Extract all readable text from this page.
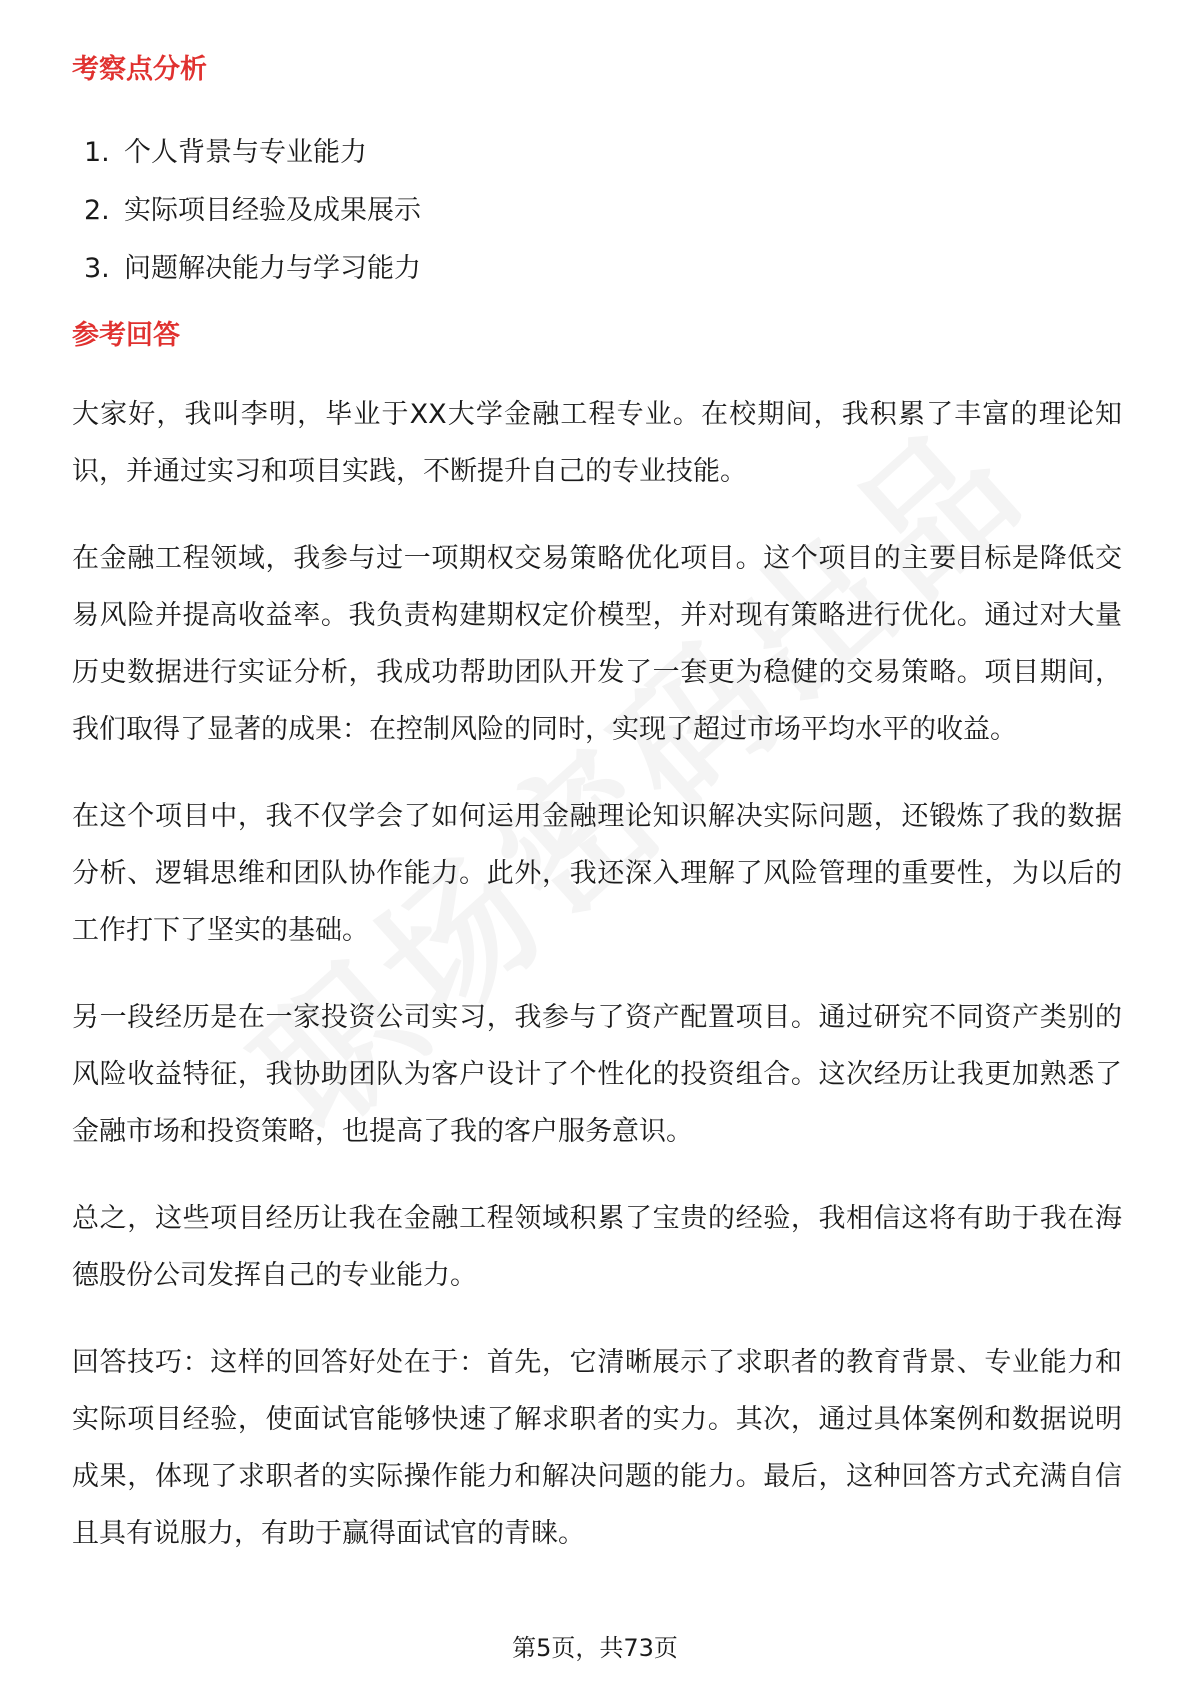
考察点分析
1. 个人背景与专业能力
2. 实际项目经验及成果展示
3. 问题解决能力与学习能力
参考回答

大家好，我叫李明，毕业于XX大学金融工程专业。在校期间，我积累了丰富的理论知识，并通过实习和项目实践，不断提升自己的专业技能。

在金融工程领域，我参与过一项期权交易策略优化项目。这个项目的主要目标是降低交易风险并提高收益率。我负责构建期权定价模型，并对现有策略进行优化。通过对大量历史数据进行实证分析，我成功帮助团队开发了一套更为稳健的交易策略。项目期间，我们取得了显著的成果：在控制风险的同时，实现了超过市场平均水平的收益。

在这个项目中，我不仅学会了如何运用金融理论知识解决实际问题，还锻炼了我的数据分析、逻辑思维和团队协作能力。此外，我还深入理解了风险管理的重要性，为以后的工作打下了坚实的基础。

另一段经历是在一家投资公司实习，我参与了资产配置项目。通过研究不同资产类别的风险收益特征，我协助团队为客户设计了个性化的投资组合。这次经历让我更加熟悉了金融市场和投资策略，也提高了我的客户服务意识。

总之，这些项目经历让我在金融工程领域积累了宝贵的经验，我相信这将有助于我在海德股份公司发挥自己的专业能力。

回答技巧：这样的回答好处在于：首先，它清晰展示了求职者的教育背景、专业能力和实际项目经验，使面试官能够快速了解求职者的实力。其次，通过具体案例和数据说明成果，体现了求职者的实际操作能力和解决问题的能力。最后，这种回答方式充满自信且具有说服力，有助于赢得面试官的青睐。

第5页，共73页
